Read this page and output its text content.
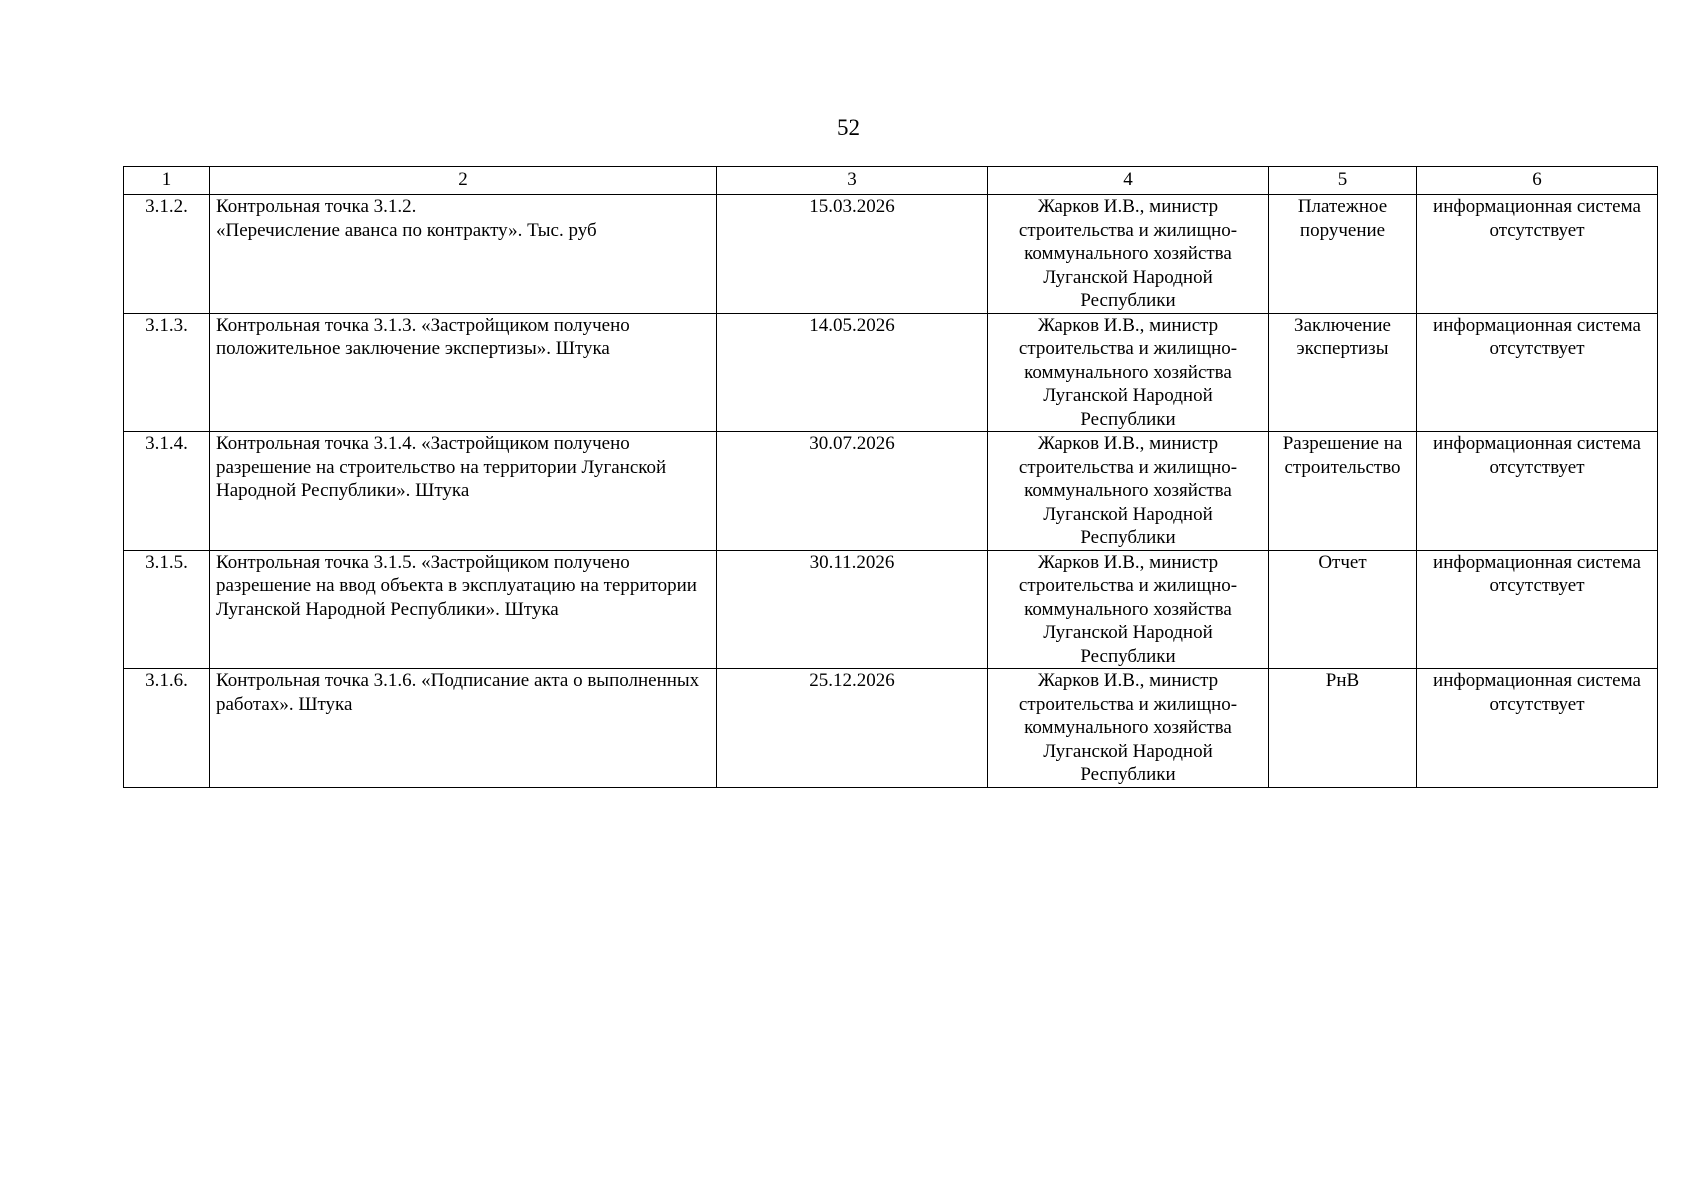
52
1	2	3	4	5	6
3.1.2.	Контрольная точка 3.1.2.
«Перечисление аванса по контракту». Тыс. руб	15.03.2026	Жарков И.В., министр строительства и жилищно-коммунального хозяйства Луганской Народной Республики	Платежное поручение	информационная система отсутствует
3.1.3.	Контрольная точка 3.1.3. «Застройщиком получено положительное заключение экспертизы». Штука	14.05.2026	Жарков И.В., министр строительства и жилищно-коммунального хозяйства Луганской Народной Республики	Заключение экспертизы	информационная система отсутствует
3.1.4.	Контрольная точка 3.1.4. «Застройщиком получено разрешение на строительство на территории Луганской Народной Республики». Штука	30.07.2026	Жарков И.В., министр строительства и жилищно-коммунального хозяйства Луганской Народной Республики	Разрешение на строительство	информационная система отсутствует
3.1.5.	Контрольная точка 3.1.5. «Застройщиком получено разрешение на ввод объекта в эксплуатацию на территории Луганской Народной Республики». Штука	30.11.2026	Жарков И.В., министр строительства и жилищно-коммунального хозяйства Луганской Народной Республики	Отчет	информационная система отсутствует
3.1.6.	Контрольная точка 3.1.6. «Подписание акта о выполненных работах». Штука	25.12.2026	Жарков И.В., министр строительства и жилищно-коммунального хозяйства Луганской Народной Республики	РнВ	информационная система отсутствует
